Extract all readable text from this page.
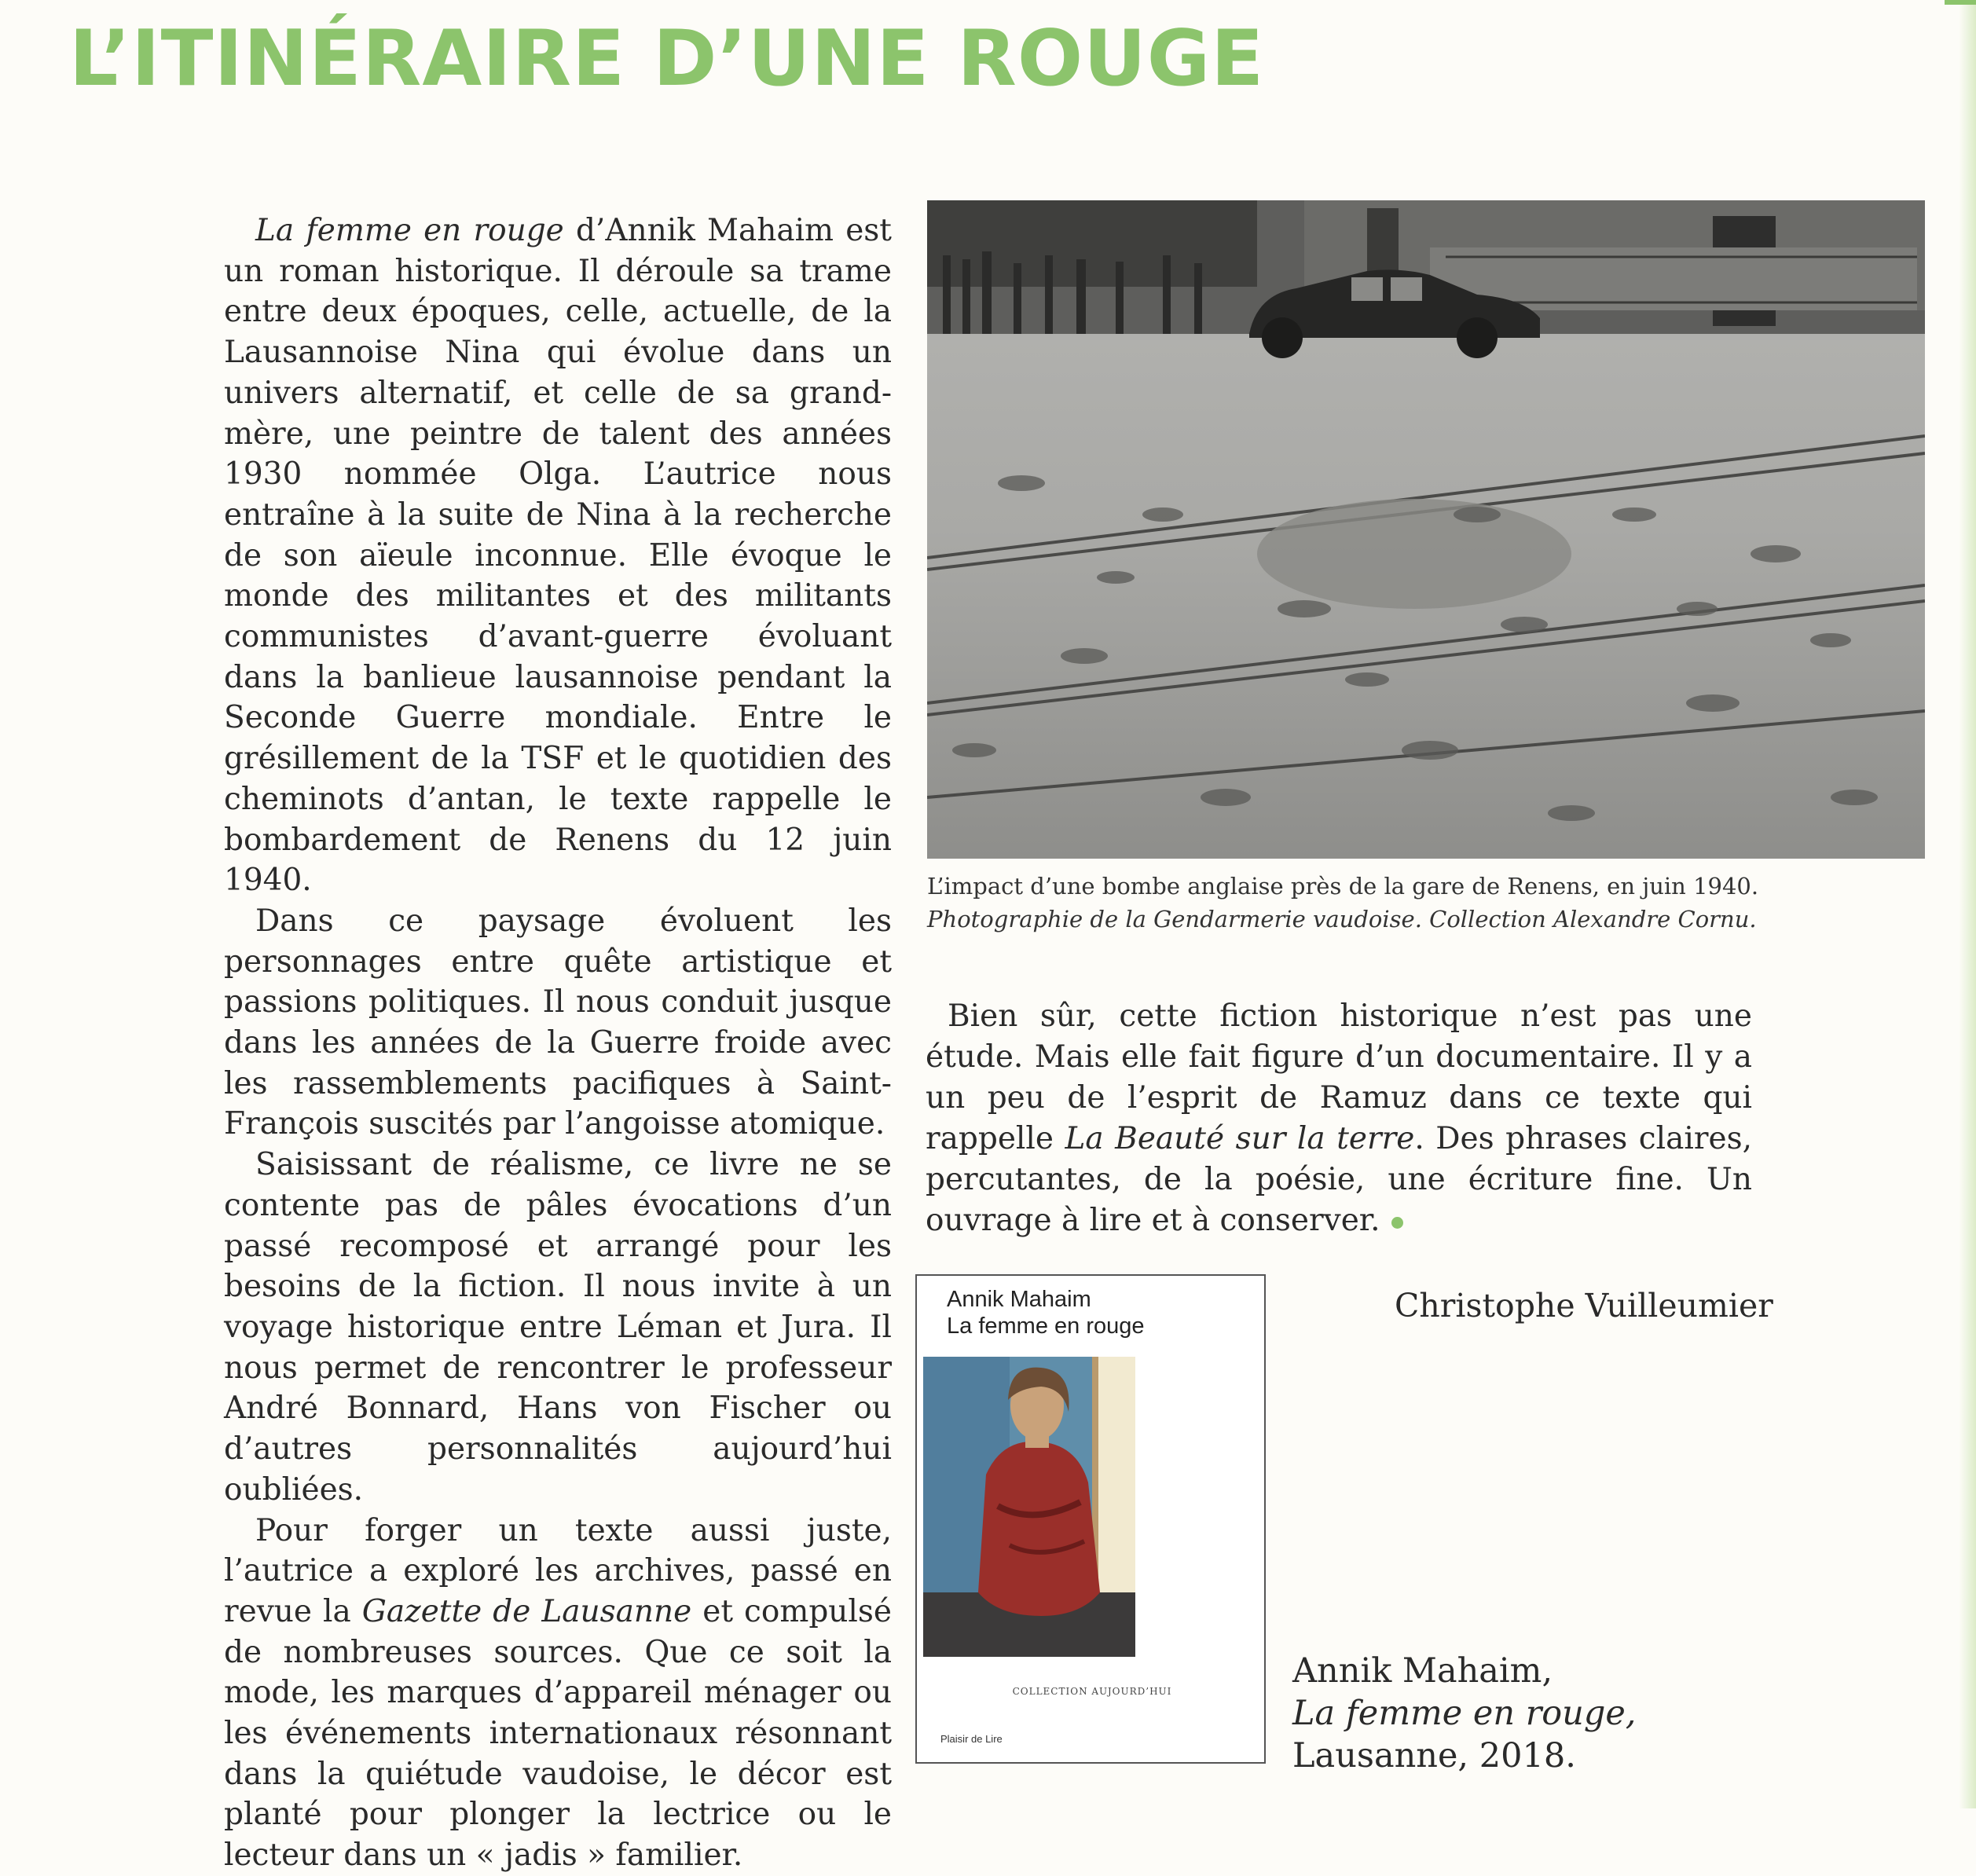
L’ITINÉRAIRE D’UNE ROUGE

La femme en rouge d’Annik Mahaim est un roman historique. Il déroule sa trame entre deux époques, celle, actuelle, de la Lausannoise Nina qui évolue dans un univers alternatif, et celle de sa grand-mère, une peintre de talent des années 1930 nommée Olga. L’autrice nous entraîne à la suite de Nina à la recherche de son aïeule inconnue. Elle évoque le monde des militantes et des militants communistes d’avant-guerre évoluant dans la banlieue lausannoise pendant la Seconde Guerre mondiale. Entre le grésillement de la TSF et le quotidien des cheminots d’antan, le texte rappelle le bombardement de Renens du 12 juin 1940.

Dans ce paysage évoluent les personnages entre quête artistique et passions politiques. Il nous conduit jusque dans les années de la Guerre froide avec les rassemblements pacifiques à Saint-François suscités par l’angoisse atomique.

Saisissant de réalisme, ce livre ne se contente pas de pâles évocations d’un passé recomposé et arrangé pour les besoins de la fiction. Il nous invite à un voyage historique entre Léman et Jura. Il nous permet de rencontrer le professeur André Bonnard, Hans von Fischer ou d’autres personnalités aujourd’hui oubliées.

Pour forger un texte aussi juste, l’autrice a exploré les archives, passé en revue la Gazette de Lausanne et compulsé de nombreuses sources. Que ce soit la mode, les marques d’appareil ménager ou les événements internationaux résonnant dans la quiétude vaudoise, le décor est planté pour plonger la lectrice ou le lecteur dans un « jadis » familier.

L’impact d’une bombe anglaise près de la gare de Renens, en juin 1940.
Photographie de la Gendarmerie vaudoise. Collection Alexandre Cornu.

Bien sûr, cette fiction historique n’est pas une étude. Mais elle fait figure d’un documentaire. Il y a un peu de l’esprit de Ramuz dans ce texte qui rappelle La Beauté sur la terre. Des phrases claires, percutantes, de la poésie, une écriture fine. Un ouvrage à lire et à conserver.

Christophe Vuilleumier
Annik Mahaim
La femme en rouge
COLLECTION AUJOURD’HUI
Plaisir de Lire
Annik Mahaim,
La femme en rouge,
Lausanne, 2018.
